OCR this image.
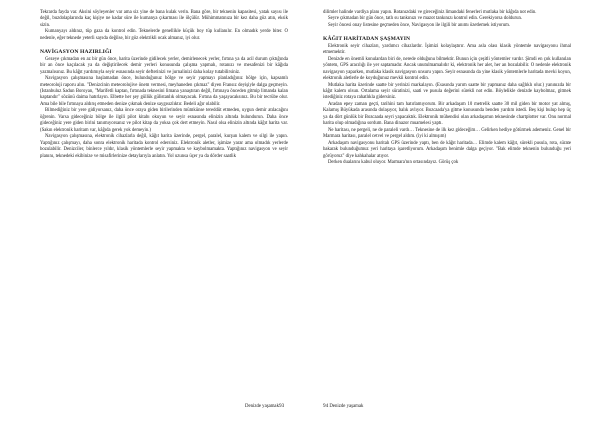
Tekrarda fayda var. Aksini söyleyenler var ama siz yine de bana kulak verin. Bana göre, bir teknenin kapasitesi, yatak sayısı ile değil, buzdolaplarında kaç kişiye ne kadar süre ile kumanya çıkarması ile ölçülür. Mühimmatınıza bir kez daha göz atın, eksik sizin.

Kumanyayı aldınız, tüp gaza da kontrol edin. Teknelerde genellikle küçük boy tüp kullanılır. En olmadık yerde biter. O nedenle, eğer teknede yeterli sayıda değilse, bir göz elektrikli ocak almanız, iyi olur.

NAVİGASYON HAZIRLIĞI

Gezeye çıkmadan en az bir gün önce, harita üzerinde gidilecek yerler, demirlenecek yerler, fırtına ya da acil durum çıktığında bir an önce kaçılacak ya da değiştirilecek demir yerleri konusunda çalışma yapmalı, rotanızı ve mesafenizi bir kâğıda yazmalısınız. Bu kâğıt yardımıyla seyir esnasında seyir defterinizi ve jurnalinizi daha kolay tutabilirsiniz.

Navigasyon çalışmasına başlamadan önce, bulunduğunuz bölge ve seyir yapmayı planladığınız bölge için, kapsamlı meteoroloji raporu alın. "Denizcinin meteorolojive önem vermesi, meyhaneden çıkmaz" diyen Fransız deyişiyle dalga geçmeyin. (Istanbuluz Sadun Boroyan, "Marifetli kaptan, fırtınada teknesini limana yanaştıran değil, fırtınaya önceden gitmip limanda kalan kaptandır" sözünü daima hatırlayın. Elbette her şey güllük gülistanlık olmayacak. Fırtına da yaşayacaksınız. Bu bir tecrübe olur. Ama bile bile fırtınaya aldırış etmeden denize çıkmak denize saygısızlıktır. Bedeli ağır olabilir.

Bilmediğiniz bir yere gidiyorsanız, daha önce oraya giden birilerinden mümkünse tereddüt etmeden, uygun demir atılacağını öğrenin. Varsa gideceğiniz bölge ile ilgili pilot kitabı okuyun ve seyir esnasında elinizin altında bulundurun. Daha önce gideceğiniz yere giden birini tanımıyorsanız ve pilot kitap da yoksa çok dert etmeyin. Nasıl olsa elinizin altında kâğıt harita var. (Sakın elektronik haritam var, kâğıda gerek yok demeyin.)

Navigasyon çalışmasına, elektronik cihazlarla değil, kâğıt harita üzerinde, pergel, paralel, kurşun kalem ve silgi ile yapın. Yaptığınız çalışmayı, daha sonra elektronik haritada kontrol edersiniz. Elektronik aletler, işimize yarar ama olmadık yerlerde bozulabilir. Denizciler, binlerce yıldır, klasik yöntemlerle seyir yapmakta ve kaybolmamakta. Yaptığınız navigasyon ve seyir planını, teknedeki ekibinize ve misafirlerinize detaylarıyla anlatın. Yol uzunsa üçer ya da dörder saatlik

dilimler halinde vardiya planı yapın. Rotanızdaki ve gireceğiniz limandaki fenerleri mutlaka bir kâğıda not edin.

Seyre çıkmadan bir gün önce, tatlı su tankınızı ve mazot tankınızı kontrol edin. Gerekiyorsa doldurun.

Seyir öncesi onay listesine geçmeden önce, Navigasyon ile ilgili bir anımı özetlemek istiyorum.

KÂĞIT HARİTADAN ŞAŞMAYIN

Elektronik seyir cihazları, yardımcı cihazlardır. İşimizi kolaylaştırır. Ama asla olası klasik yöntemle navigasyonu ihmal etmemektir.

Denizde en önemli konulardan biri de, nerede olduğunu bilmektir. Bunun için çeşitli yöntemler vardır. Şimdi en çok kullanılan yöntem, GPS aracılığı ile yer saptamadır. Ancak unutulmamalıdır ki, elektronik her alet, her an bozulabilir. O nedenle elektronik navigasyon yaparken, mutlaka klasik navigasyon unsuru yapın. Seyir esnasında da yine klasik yöntemlerle haritada mevki koyun, elektronik aletlerle de koyduğunuz mevkii kontrol edin.

Mutlaka harita üzerinde saatte bir yerinizi markalayın. (Esasında yarım saatte bir yapmanız daha sağlıklı olur.) yanınızda bir kâğıt kalem olsun. Ortalama seyir süratinizi, saati ve pusula değerini sürekli not edin. Böylelikle denizde kaybolmaz, gitmek istediğiniz rotaya rahatlıkla gidersiniz.

Aradan epey zaman geçti, tarihini tam hatırlamıyorum. Bir arkadaşım 10 metrelik saatte 30 mil giden bir motor yat almış, Kalamış Büyükada arasında dolaşıyor, balık avlıyor. Bozcaada'ya gitme konusunda benden yardım istedi. Beş kişi bulup hep üç ya da dört günlük bir Bozcaada seyri yapacaktık. Elektronik mühendisi olan arkadaşımın teknesinde chartplotter var. Onu normal harita olup olmadığına sordum. Bana dinazor muamelesi yaptı.

Ne haritası, ne pergeli, ne de paraleli vardı… Teknesine de ilk kez gideceğim… Gelirken hediye götürmek ademeniz. Genel bir Marmara haritası, paralel cetvel ve pergel aldım. (iyi ki almışım)

Arkadaşım navigasyonu haritalı GPS üzerinde yaptı, ben de kâğıt haritada… Elimde kalem kâğıt, sürekli pusula, rota, sürate bakarak bulunduğumuz yeri haritaya işaretliyorum. Arkadaşım benimle dalga geçiyor. "Bak elimde teknenin bulunduğu yeri görüyoruz" diye kahkahalar atıyor.

Derken dualarını kabul oluyor. Marmara'nın ortasındayız. Görüş çok

Denizde yaşamak93	94 Denizde yaşamak
